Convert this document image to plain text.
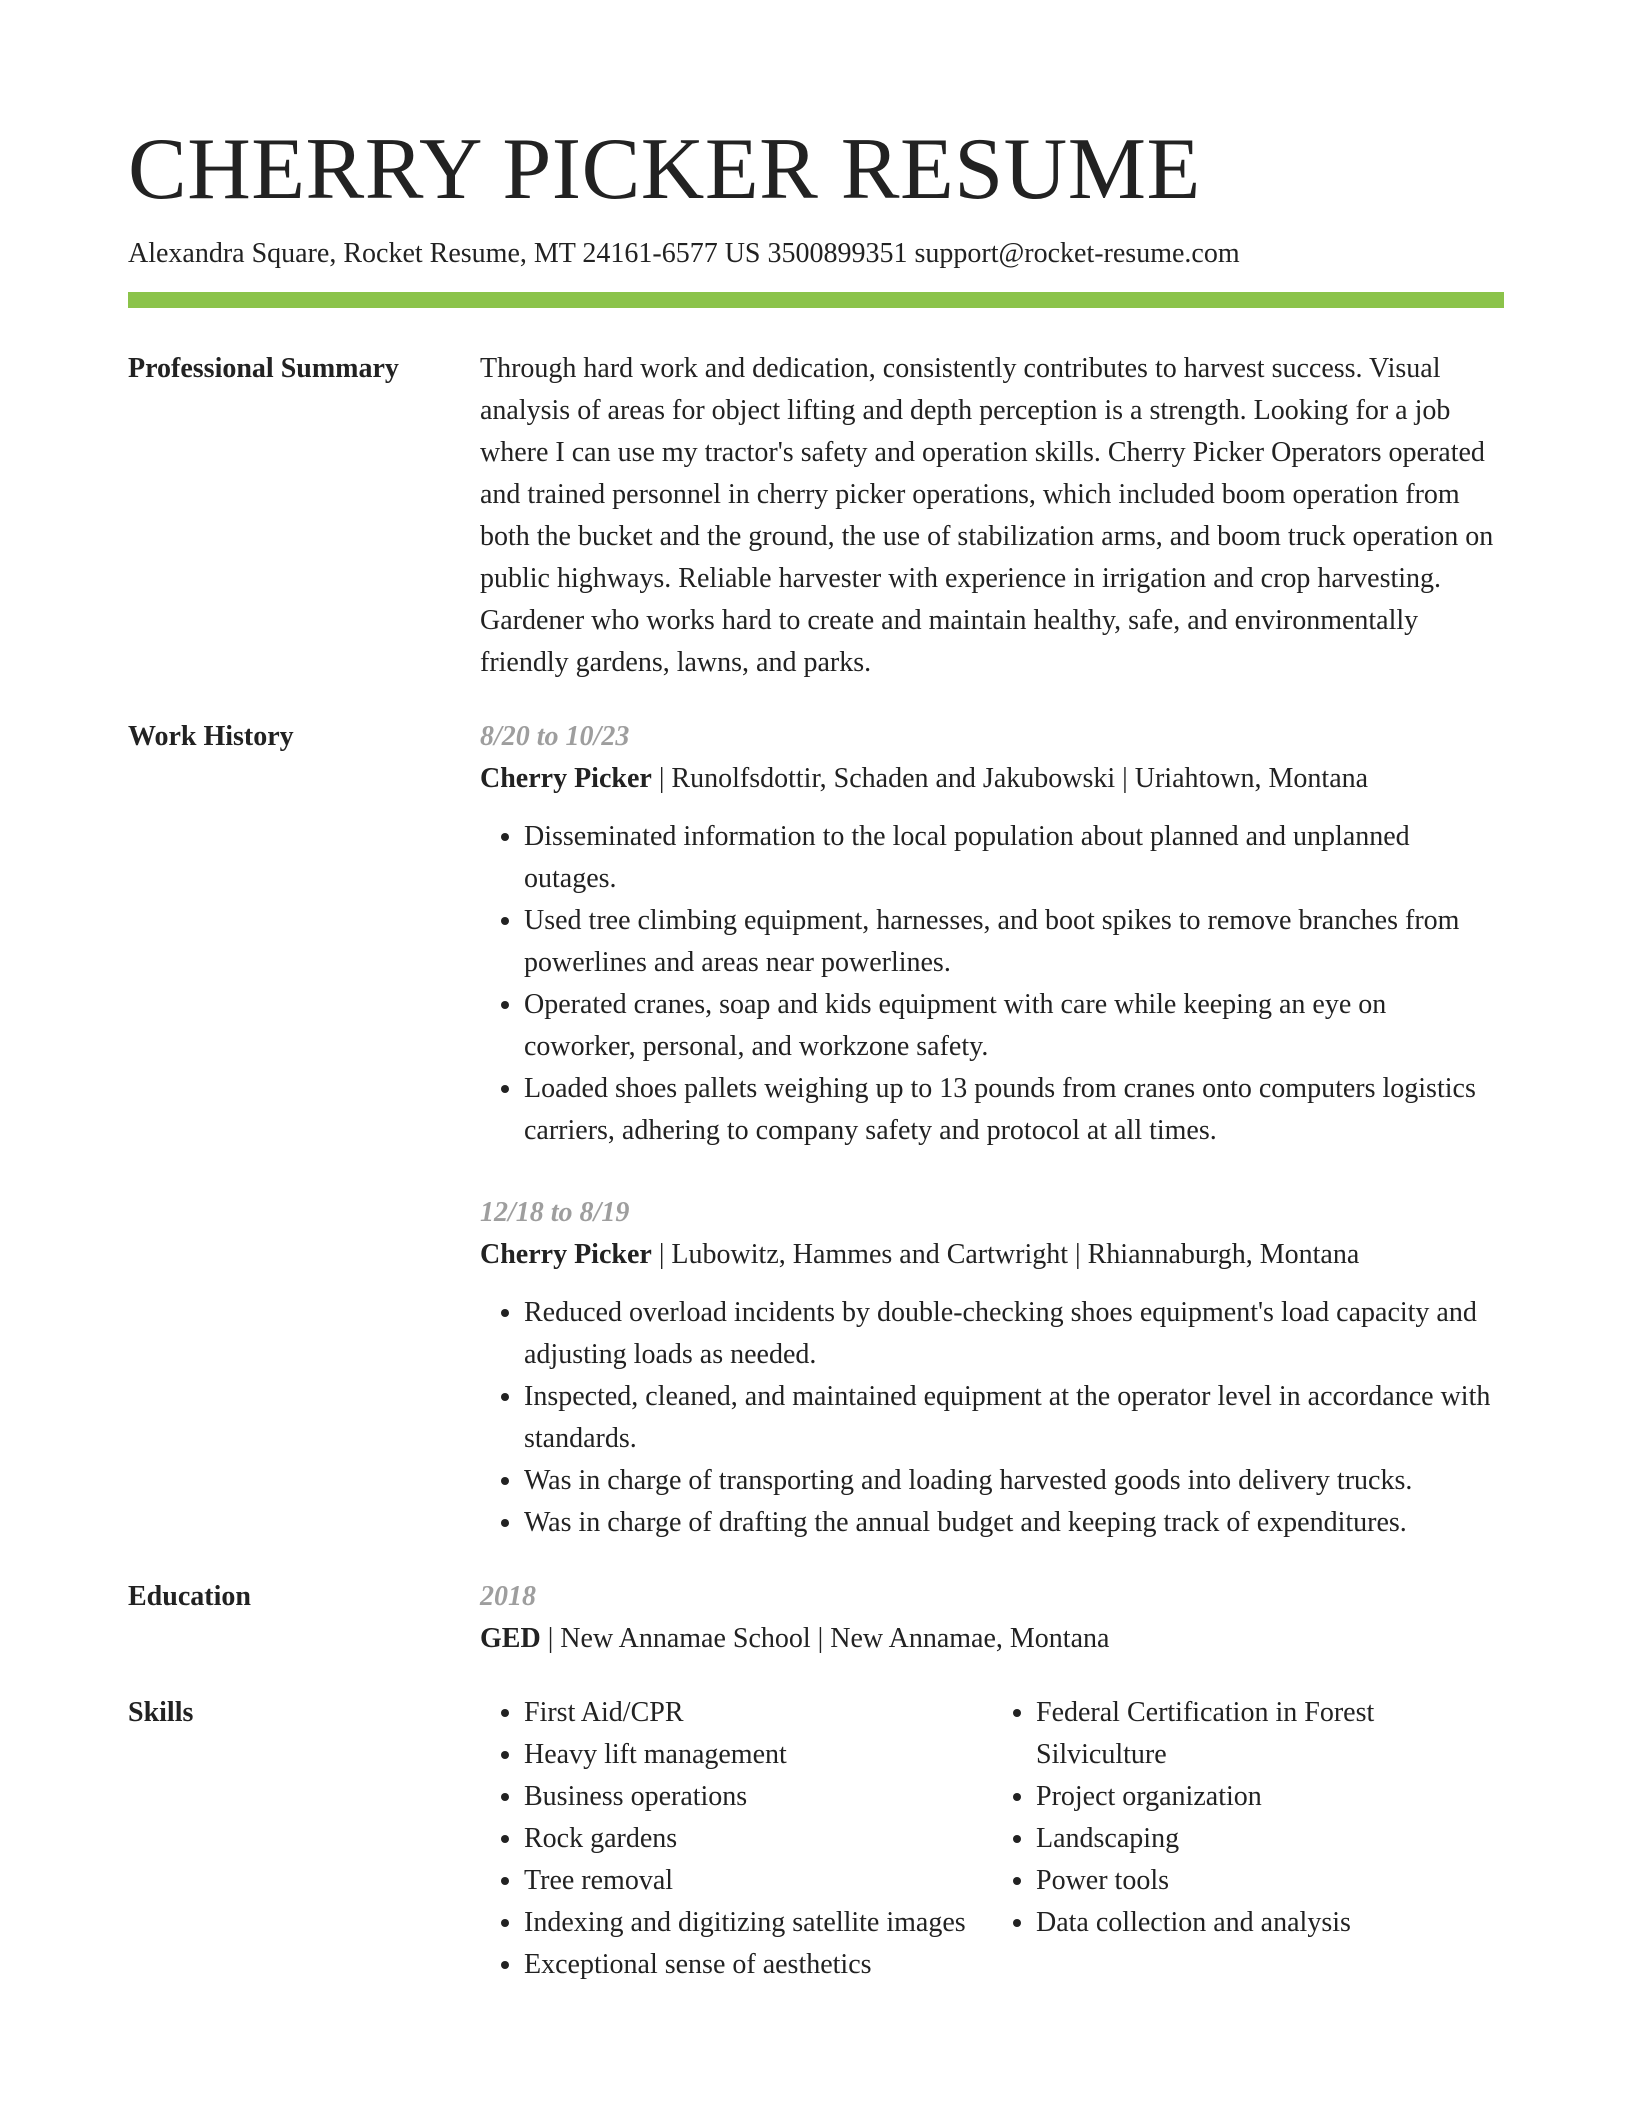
CHERRY PICKER RESUME
Alexandra Square, Rocket Resume, MT 24161-6577 US 3500899351 support@rocket-resume.com
Professional Summary	Through hard work and dedication, consistently contributes to harvest success. Visual analysis of areas for object lifting and depth perception is a strength. Looking for a job where I can use my tractor's safety and operation skills. Cherry Picker Operators operated and trained personnel in cherry picker operations, which included boom operation from both the bucket and the ground, the use of stabilization arms, and boom truck operation on public highways. Reliable harvester with experience in irrigation and crop harvesting. Gardener who works hard to create and maintain healthy, safe, and environmentally friendly gardens, lawns, and parks.

Work History	8/20 to 10/23
Cherry Picker | Runolfsdottir, Schaden and Jakubowski | Uriahtown, Montana
• Disseminated information to the local population about planned and unplanned outages.
• Used tree climbing equipment, harnesses, and boot spikes to remove branches from powerlines and areas near powerlines.
• Operated cranes, soap and kids equipment with care while keeping an eye on coworker, personal, and workzone safety.
• Loaded shoes pallets weighing up to 13 pounds from cranes onto computers logistics carriers, adhering to company safety and protocol at all times.
12/18 to 8/19
Cherry Picker | Lubowitz, Hammes and Cartwright | Rhiannaburgh, Montana
• Reduced overload incidents by double-checking shoes equipment's load capacity and adjusting loads as needed.
• Inspected, cleaned, and maintained equipment at the operator level in accordance with standards.
• Was in charge of transporting and loading harvested goods into delivery trucks.
• Was in charge of drafting the annual budget and keeping track of expenditures.
Education	2018
GED | New Annamae School | New Annamae, Montana
Skills
•	First Aid/CPR
• Heavy lift management
• Business operations
• Rock gardens
• Tree removal
• Indexing and digitizing satellite images
• Exceptional sense of aesthetics
• Federal Certification in Forest Silviculture
• Project organization
• Landscaping
• Power tools
• Data collection and analysis
